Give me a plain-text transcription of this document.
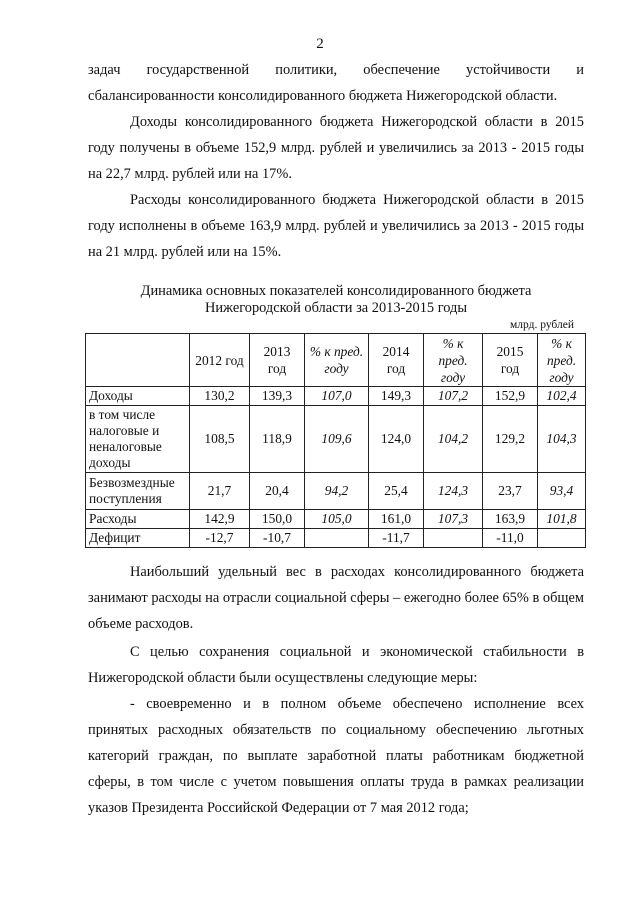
2
задач государственной политики, обеспечение устойчивости и
сбалансированности консолидированного бюджета Нижегородской области.
Доходы консолидированного бюджета Нижегородской области в 2015 году получены в объеме 152,9 млрд. рублей и увеличились за 2013 - 2015 годы на 22,7 млрд. рублей или на 17%.
Расходы консолидированного бюджета Нижегородской области в 2015 году исполнены в объеме 163,9 млрд. рублей и увеличились за 2013 - 2015 годы на 21 млрд. рублей или на 15%.
Динамика основных показателей консолидированного бюджета
Нижегородской области за 2013-2015 годы
млрд. рублей
	2012 год	2013 год	% к пред. году	2014 год	% к пред. году	2015 год	% к пред. году
Доходы	130,2	139,3	107,0	149,3	107,2	152,9	102,4
в том числе налоговые и неналоговые доходы	108,5	118,9	109,6	124,0	104,2	129,2	104,3
Безвозмездные поступления	21,7	20,4	94,2	25,4	124,3	23,7	93,4
Расходы	142,9	150,0	105,0	161,0	107,3	163,9	101,8
Дефицит	-12,7	-10,7		-11,7		-11,0	
Наибольший удельный вес в расходах консолидированного бюджета занимают расходы на отрасли социальной сферы – ежегодно более 65% в общем объеме расходов.
С целью сохранения социальной и экономической стабильности в Нижегородской области были осуществлены следующие меры:
- своевременно и в полном объеме обеспечено исполнение всех принятых расходных обязательств по социальному обеспечению льготных категорий граждан, по выплате заработной платы работникам бюджетной сферы, в том числе с учетом повышения оплаты труда в рамках реализации указов Президента Российской Федерации от 7 мая 2012 года;
